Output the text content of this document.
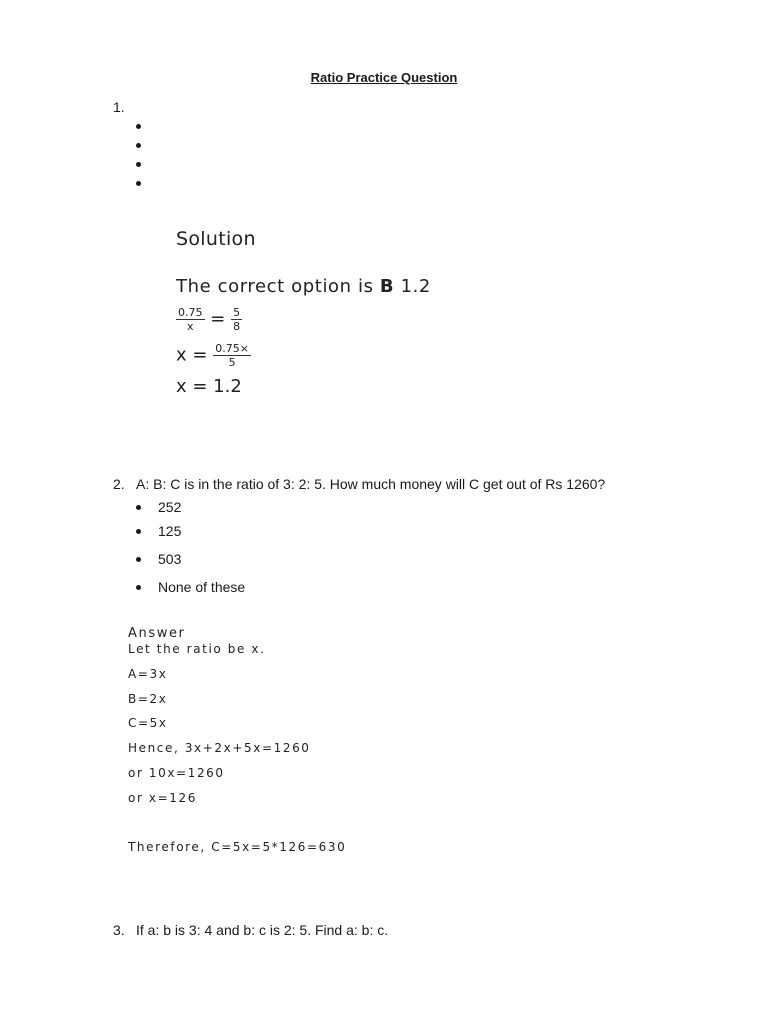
Ratio Practice Question
1.
Solution
The correct option is B 1.2
$\frac{0.75}{x} = \frac{5}{8}$
$x = \frac{0.75\times}{5}$
x = 1.2
2. A: B: C is in the ratio of 3: 2: 5. How much money will C get out of Rs 1260?
252
125
503
None of these
Answer
Let the ratio be x.
A=3x
B=2x
C=5x
Hence, 3x+2x+5x=1260
or 10x=1260
or x=126
Therefore, C=5x=5*126=630
3. If a: b is 3: 4 and b: c is 2: 5. Find a: b: c.
